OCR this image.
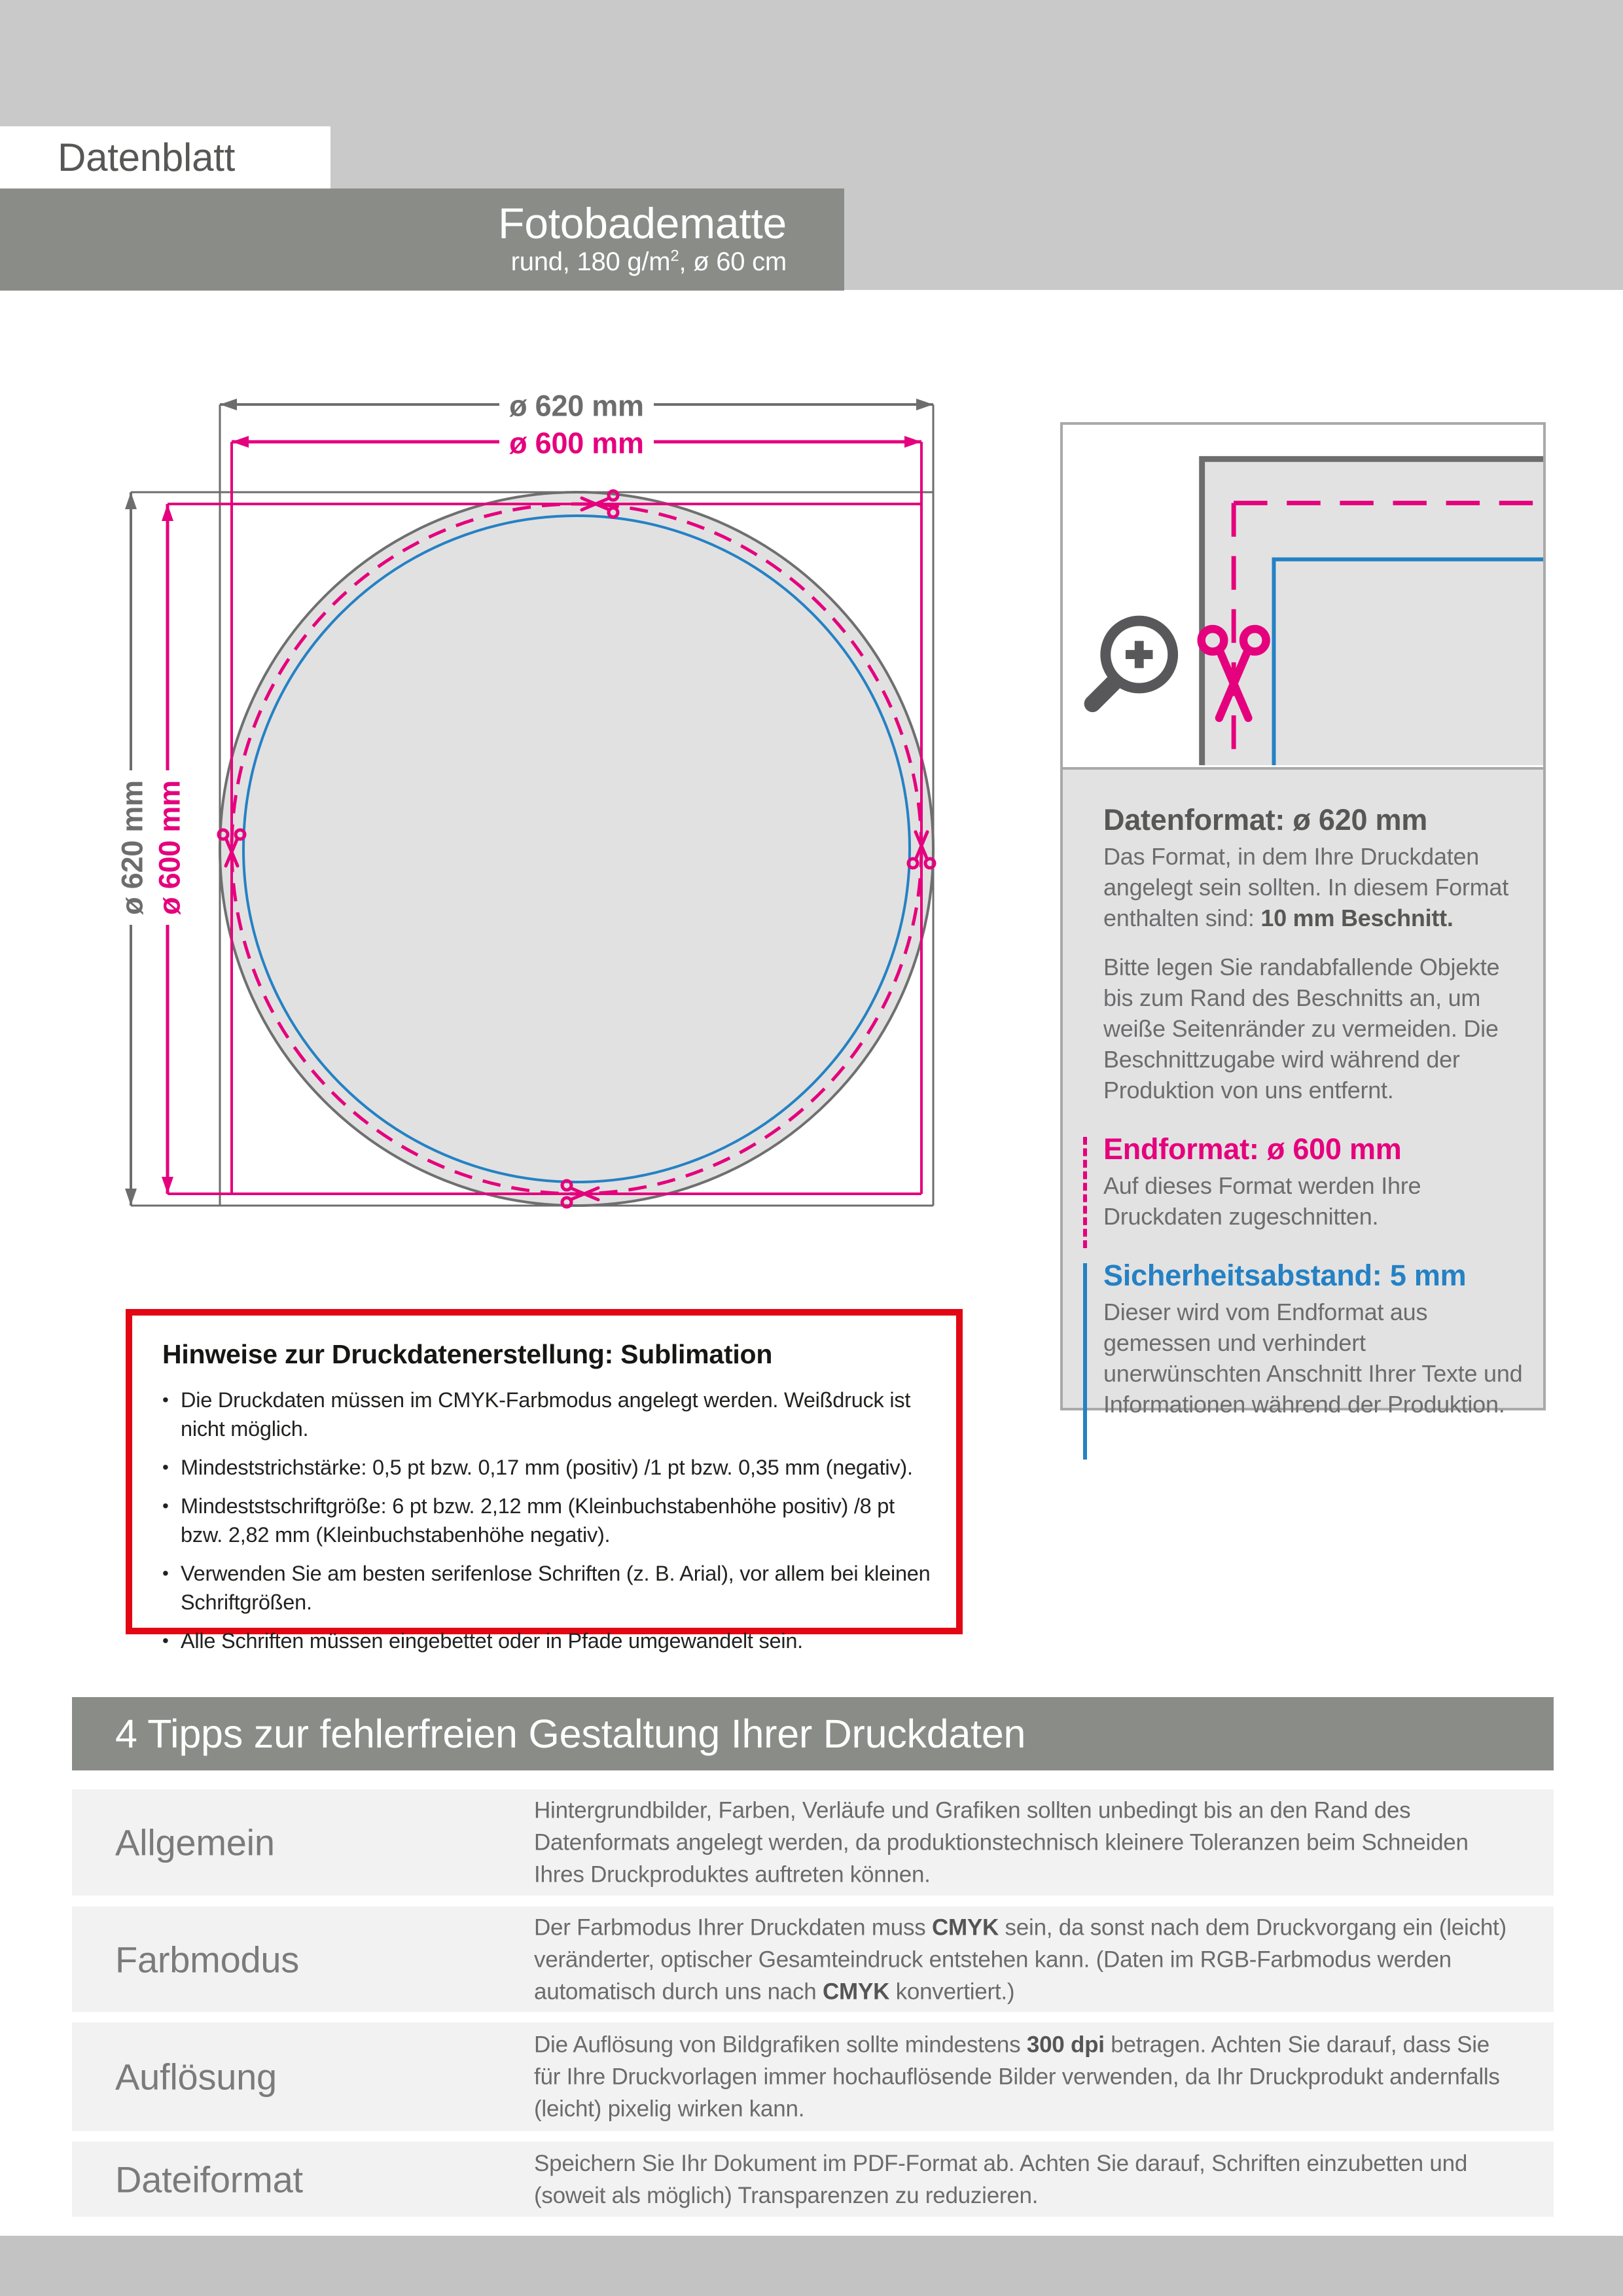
Datenblatt
Fotobadematte
rund, 180 $g/m^2$, ø 60 cm
ø 620 mm
ø 600 mm
ø 620 mm ø 600 mm	Datenformat: ø 620 mm
Das Format, in dem Ihre Druckdaten angelegt sein sollten. In diesem Format enthalten sind: 10 mm Beschnitt.
Bitte legen Sie randabfallende Objekte bis zum Rand des Beschnitts an, um weiße Seitenränder zu vermeiden. Die Beschnittzugabe wird während der Produktion von uns entfernt.
Endformat: ø 600 mm
Auf dieses Format werden Ihre Druckdaten zugeschnitten.
Sicherheitsabstand: 5 mm
Dieser wird vom Endformat aus gemessen und verhindert unerwünschten Anschnitt Ihrer Texte und Informationen während der Produktion.
Hinweise zur Druckdatenerstellung: Sublimation
• Die Druckdaten müssen im CMYK-Farbmodus angelegt werden. Weißdruck ist nicht möglich.
• Mindeststrichstärke: 0,5 pt bzw. 0,17 mm (positiv) /1 pt bzw. 0,35 mm (negativ).
• Mindeststschriftgröße: 6 pt bzw. 2,12 mm (Kleinbuchstabenhöhe positiv) /8 pt bzw. 2,82 mm (Kleinbuchstabenhöhe negativ).
• Verwenden Sie am besten serifenlose Schriften (z. B. Arial), vor allem bei kleinen Schriftgrößen.
• Alle Schriften müssen eingebettet oder in Pfade umgewandelt sein.
4 Tipps zur fehlerfreien Gestaltung Ihrer Druckdaten
Allgemein
Hintergrundbilder, Farben, Verläufe und Grafiken sollten unbedingt bis an den Rand des Datenformats angelegt werden, da produktionstechnisch kleinere Toleranzen beim Schneiden Ihres Druckproduktes auftreten können.
Farbmodus
Der Farbmodus Ihrer Druckdaten muss CMYK sein, da sonst nach dem Druckvorgang ein (leicht) veränderter, optischer Gesamteindruck entstehen kann. (Daten im RGB-Farbmodus werden automatisch durch uns nach CMYK konvertiert.)
Auflösung
Die Auflösung von Bildgrafiken sollte mindestens 300 dpi betragen. Achten Sie darauf, dass Sie für Ihre Druckvorlagen immer hochauflösende Bilder verwenden, da Ihr Druckprodukt andernfalls (leicht) pixelig wirken kann.
Dateiformat	Speichern Sie Ihr Dokument im PDF-Format ab. Achten Sie darauf, Schriften einzubetten und (soweit als möglich) Transparenzen zu reduzieren.
